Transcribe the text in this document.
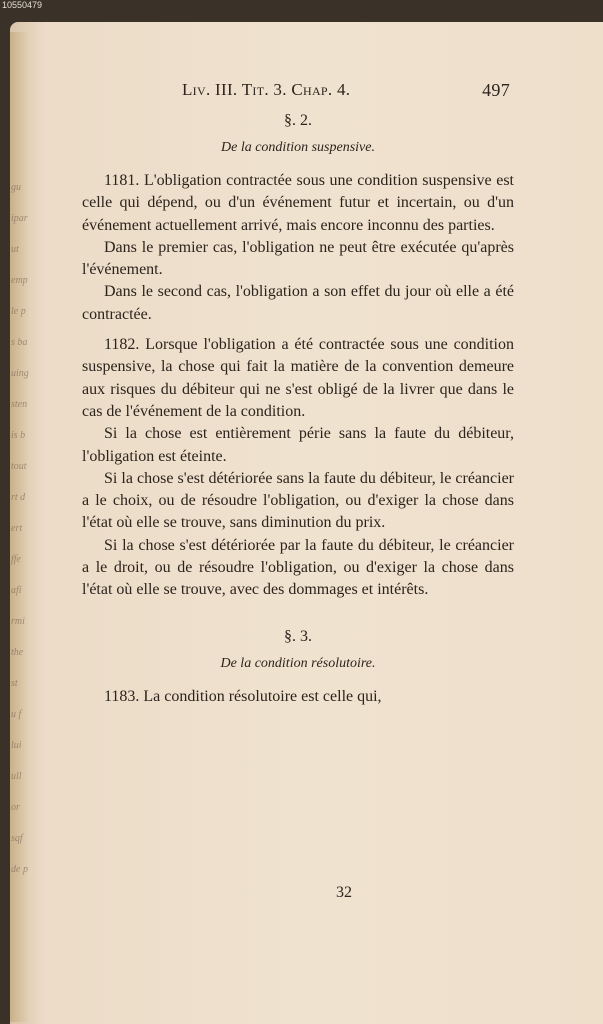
10550479
gu
ipar
ut
emp
le p
s ba
uing
sten
is b
tout
rt d
ert
ffe
afi
rmi
the
st
u f
lui
ull
or
sqf
de p
Liv. III. Tit. 3. Chap. 4.	497
§. 2.
De la condition suspensive.

1181. L'obligation contractée sous une condition suspensive est celle qui dépend, ou d'un événement futur et incertain, ou d'un événement actuellement arrivé, mais encore inconnu des parties.

Dans le premier cas, l'obligation ne peut être exécutée qu'après l'événement.

Dans le second cas, l'obligation a son effet du jour où elle a été contractée.

1182. Lorsque l'obligation a été contractée sous une condition suspensive, la chose qui fait la matière de la convention demeure aux risques du débiteur qui ne s'est obligé de la livrer que dans le cas de l'événement de la condition.

Si la chose est entièrement périe sans la faute du débiteur, l'obligation est éteinte.

Si la chose s'est détériorée sans la faute du débiteur, le créancier a le choix, ou de résoudre l'obligation, ou d'exiger la chose dans l'état où elle se trouve, sans diminution du prix.

Si la chose s'est détériorée par la faute du débiteur, le créancier a le droit, ou de résoudre l'obligation, ou d'exiger la chose dans l'état où elle se trouve, avec des dommages et intérêts.

§. 3.
De la condition résolutoire.

1183. La condition résolutoire est celle qui,

32
